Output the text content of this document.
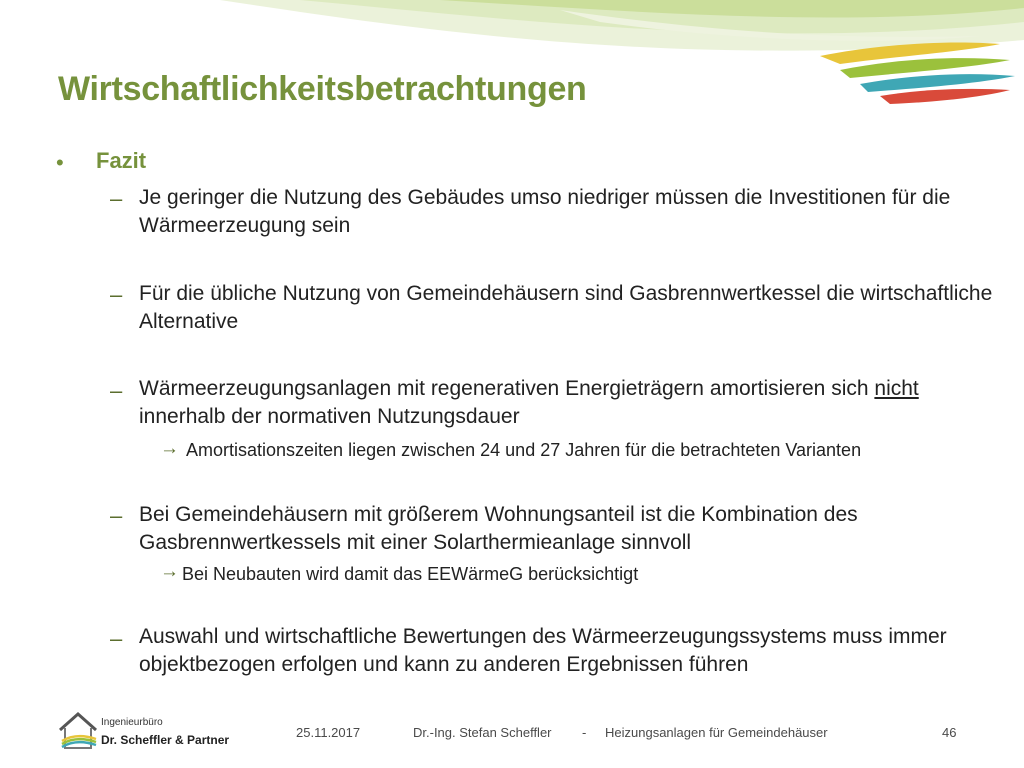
Wirtschaftlichkeitsbetrachtungen
• Fazit
– Je geringer die Nutzung des Gebäudes umso niedriger müssen die Investitionen für die Wärmeerzeugung sein
– Für die übliche Nutzung von Gemeindehäusern sind Gasbrennwertkessel die wirtschaftliche Alternative
– Wärmeerzeugungsanlagen mit regenerativen Energieträgern amortisieren sich nicht innerhalb der normativen Nutzungsdauer
→ Amortisationszeiten liegen zwischen 24 und 27 Jahren für die betrachteten Varianten
– Bei Gemeindehäusern mit größerem Wohnungsanteil ist die Kombination des Gasbrennwertkessels mit einer Solarthermieanlage sinnvoll
→ Bei Neubauten wird damit das EEWärmeG berücksichtigt
– Auswahl und wirtschaftliche Bewertungen des Wärmeerzeugungssystems muss immer objektbezogen erfolgen und kann zu anderen Ergebnissen führen
Ingenieurbüro
Dr. Scheffler & Partner	25.11.2017	Dr.-Ing. Stefan Scheffler - Heizungsanlagen für Gemeindehäuser	46
